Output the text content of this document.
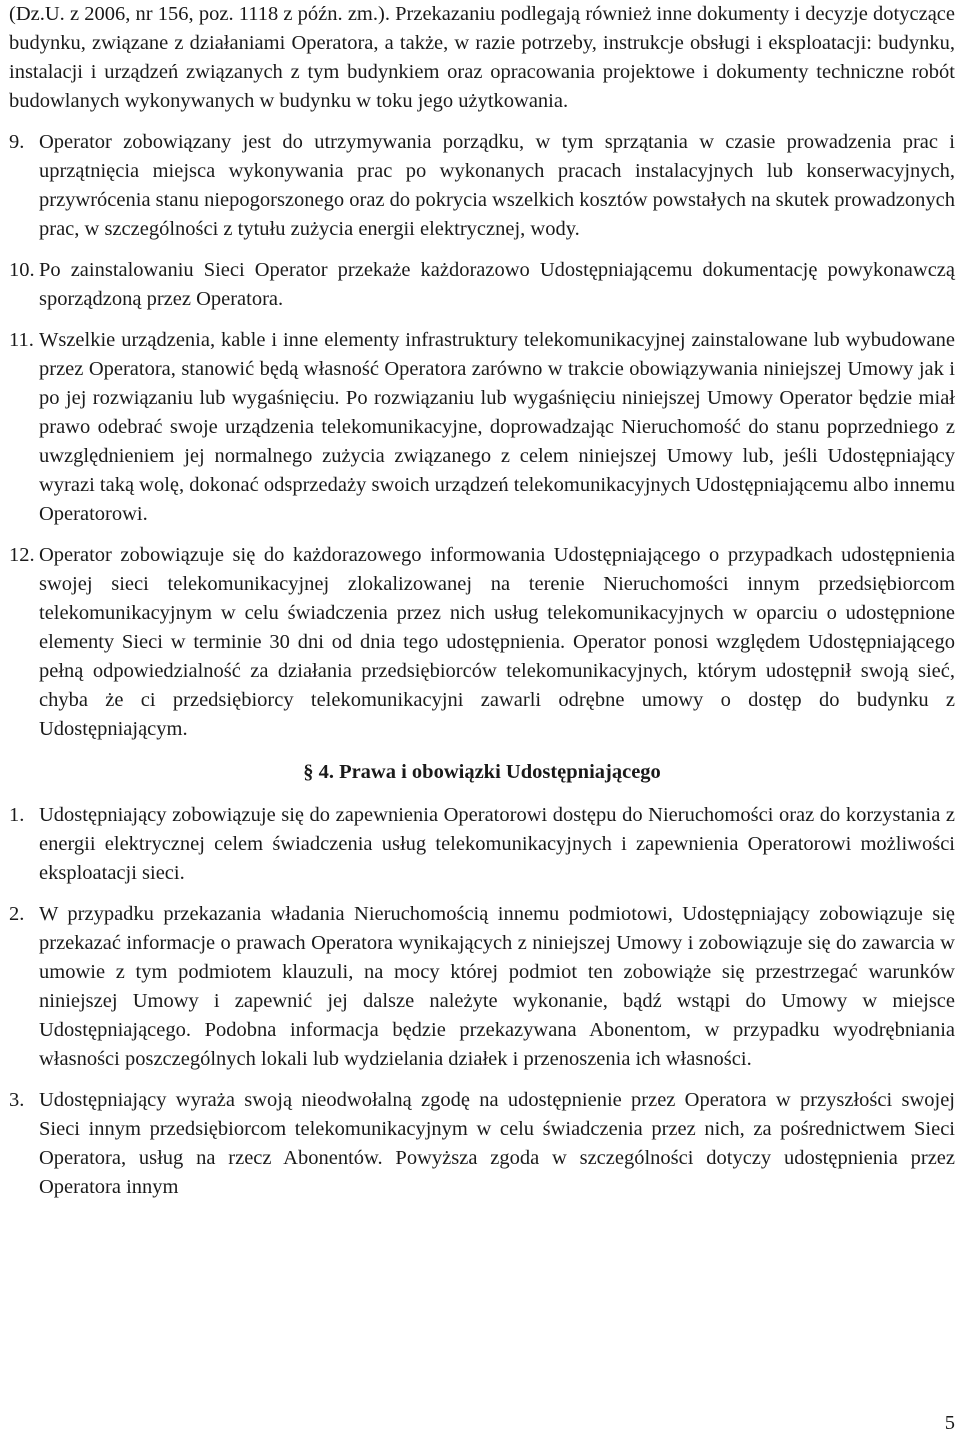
(Dz.U. z 2006, nr 156, poz. 1118 z późn. zm.). Przekazaniu podlegają również inne dokumenty i decyzje dotyczące budynku, związane z działaniami Operatora, a także, w razie potrzeby, instrukcje obsługi i eksploatacji: budynku, instalacji i urządzeń związanych z tym budynkiem oraz opracowania projektowe i dokumenty techniczne robót budowlanych wykonywanych w budynku w toku jego użytkowania.

9. Operator zobowiązany jest do utrzymywania porządku, w tym sprzątania w czasie prowadzenia prac i uprzątnięcia miejsca wykonywania prac po wykonanych pracach instalacyjnych lub konserwacyjnych, przywrócenia stanu niepogorszonego oraz do pokrycia wszelkich kosztów powstałych na skutek prowadzonych prac, w szczególności z tytułu zużycia energii elektrycznej, wody.
10. Po zainstalowaniu Sieci Operator przekaże każdorazowo Udostępniającemu dokumentację powykonawczą sporządzoną przez Operatora.
11. Wszelkie urządzenia, kable i inne elementy infrastruktury telekomunikacyjnej zainstalowane lub wybudowane przez Operatora, stanowić będą własność Operatora zarówno w trakcie obowiązywania niniejszej Umowy jak i po jej rozwiązaniu lub wygaśnięciu. Po rozwiązaniu lub wygaśnięciu niniejszej Umowy Operator będzie miał prawo odebrać swoje urządzenia telekomunikacyjne, doprowadzając Nieruchomość do stanu poprzedniego z uwzględnieniem jej normalnego zużycia związanego z celem niniejszej Umowy lub, jeśli Udostępniający wyrazi taką wolę, dokonać odsprzedaży swoich urządzeń telekomunikacyjnych Udostępniającemu albo innemu Operatorowi.
12. Operator zobowiązuje się do każdorazowego informowania Udostępniającego o przypadkach udostępnienia swojej sieci telekomunikacyjnej zlokalizowanej na terenie Nieruchomości innym przedsiębiorcom telekomunikacyjnym w celu świadczenia przez nich usług telekomunikacyjnych w oparciu o udostępnione elementy Sieci w terminie 30 dni od dnia tego udostępnienia. Operator ponosi względem Udostępniającego pełną odpowiedzialność za działania przedsiębiorców telekomunikacyjnych, którym udostępnił swoją sieć, chyba że ci przedsiębiorcy telekomunikacyjni zawarli odrębne umowy o dostęp do budynku z Udostępniającym.

§ 4. Prawa i obowiązki Udostępniającego

1. Udostępniający zobowiązuje się do zapewnienia Operatorowi dostępu do Nieruchomości oraz do korzystania z energii elektrycznej celem świadczenia usług telekomunikacyjnych i zapewnienia Operatorowi możliwości eksploatacji sieci.
2. W przypadku przekazania władania Nieruchomością innemu podmiotowi, Udostępniający zobowiązuje się przekazać informacje o prawach Operatora wynikających z niniejszej Umowy i zobowiązuje się do zawarcia w umowie z tym podmiotem klauzuli, na mocy której podmiot ten zobowiąże się przestrzegać warunków niniejszej Umowy i zapewnić jej dalsze należyte wykonanie, bądź wstąpi do Umowy w miejsce Udostępniającego. Podobna informacja będzie przekazywana Abonentom, w przypadku wyodrębniania własności poszczególnych lokali lub wydzielania działek i przenoszenia ich własności.
3. Udostępniający wyraża swoją nieodwołalną zgodę na udostępnienie przez Operatora w przyszłości swojej Sieci innym przedsiębiorcom telekomunikacyjnym w celu świadczenia przez nich, za pośrednictwem Sieci Operatora, usług na rzecz Abonentów. Powyższa zgoda w szczególności dotyczy udostępnienia przez Operatora innym
5
